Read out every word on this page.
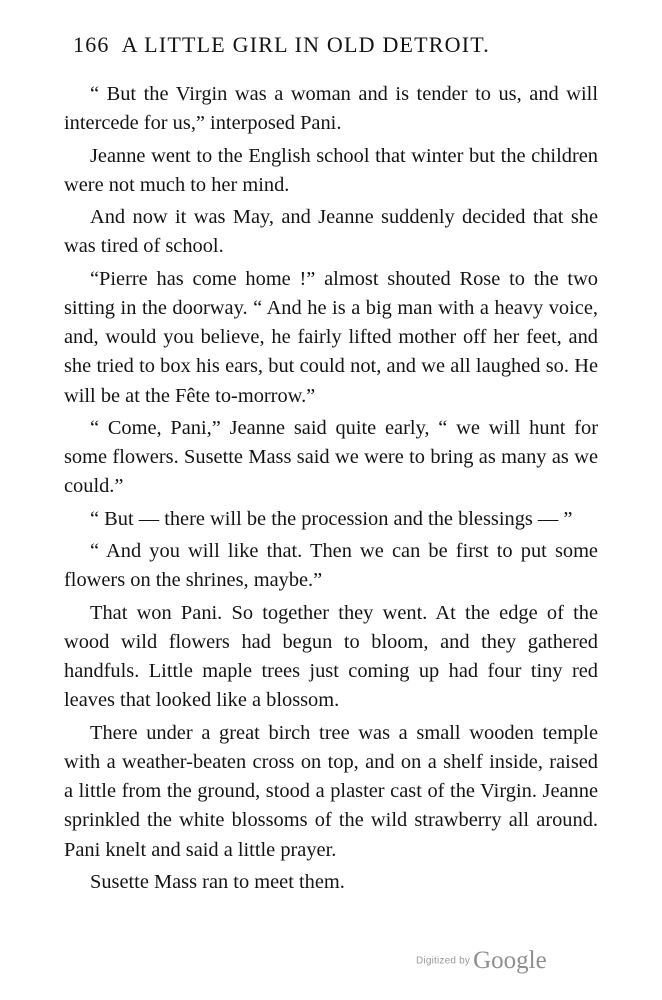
166 A LITTLE GIRL IN OLD DETROIT.

“ But the Virgin was a woman and is tender to us, and will intercede for us,” interposed Pani.

Jeanne went to the English school that winter but the children were not much to her mind.

And now it was May, and Jeanne suddenly decided that she was tired of school.

“Pierre has come home !” almost shouted Rose to the two sitting in the doorway. “ And he is a big man with a heavy voice, and, would you believe, he fairly lifted mother off her feet, and she tried to box his ears, but could not, and we all laughed so. He will be at the Fête to-morrow.”

“ Come, Pani,” Jeanne said quite early, “ we will hunt for some flowers. Susette Mass said we were to bring as many as we could.”

“ But — there will be the procession and the blessings — ”

“ And you will like that. Then we can be first to put some flowers on the shrines, maybe.”

That won Pani. So together they went. At the edge of the wood wild flowers had begun to bloom, and they gathered handfuls. Little maple trees just coming up had four tiny red leaves that looked like a blossom.

There under a great birch tree was a small wooden temple with a weather-beaten cross on top, and on a shelf inside, raised a little from the ground, stood a plaster cast of the Virgin. Jeanne sprinkled the white blossoms of the wild strawberry all around. Pani knelt and said a little prayer.

Susette Mass ran to meet them.

Digitized by Google
